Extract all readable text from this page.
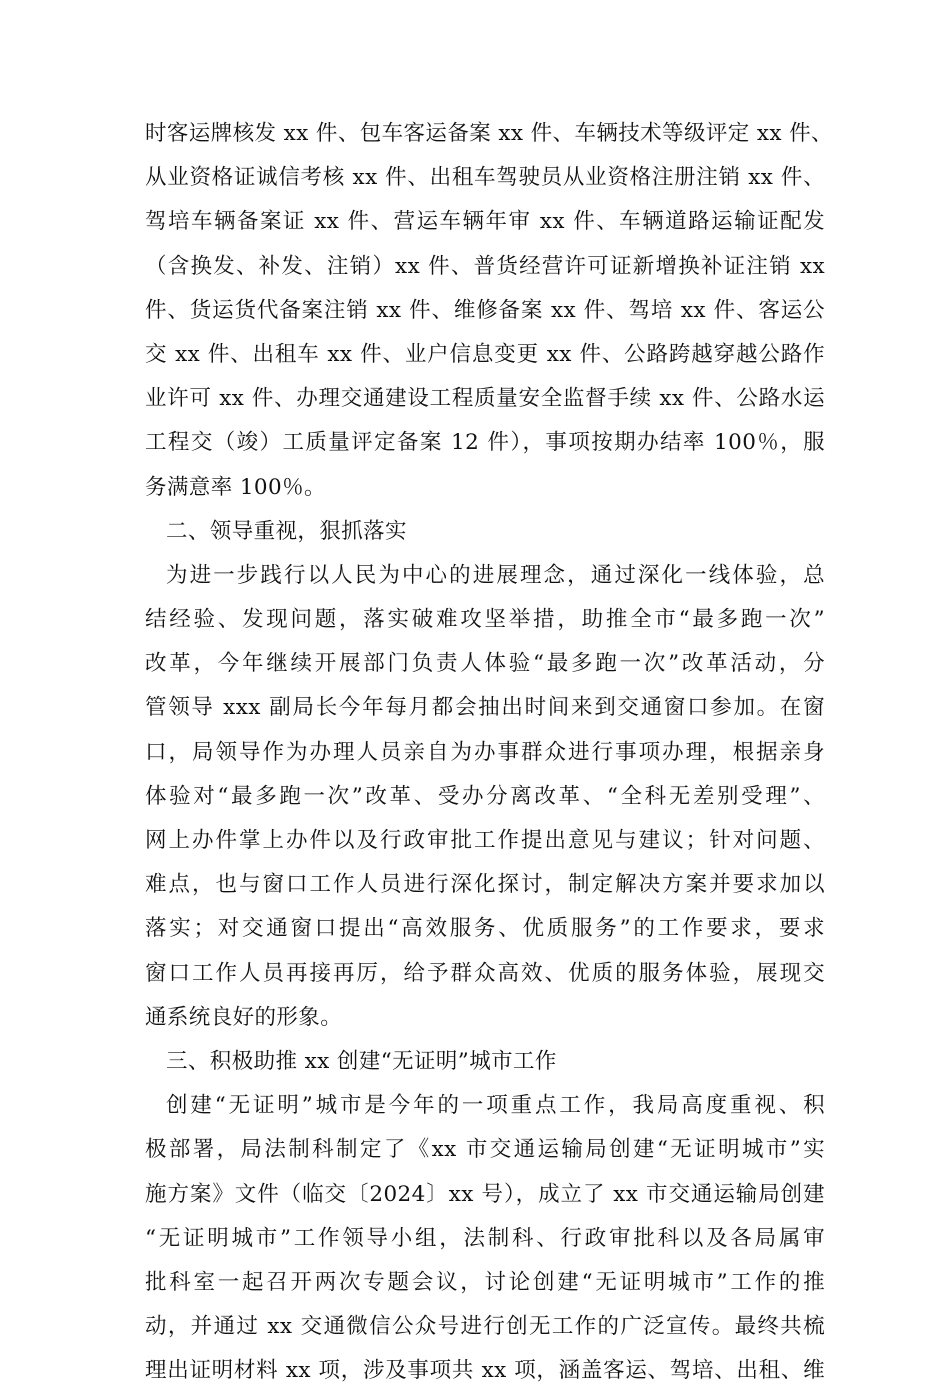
时客运牌核发 xx 件、包车客运备案 xx 件、车辆技术等级评定 xx 件、
从业资格证诚信考核 xx 件、出租车驾驶员从业资格注册注销 xx 件、
驾培车辆备案证 xx 件、营运车辆年审 xx 件、车辆道路运输证配发
（含换发、补发、注销）xx 件、普货经营许可证新增换补证注销 xx
件、货运货代备案注销 xx 件、维修备案 xx 件、驾培 xx 件、客运公
交 xx 件、出租车 xx 件、业户信息变更 xx 件、公路跨越穿越公路作
业许可 xx 件、办理交通建设工程质量安全监督手续 xx 件、公路水运
工程交（竣）工质量评定备案 12 件），事项按期办结率 100％，服
务满意率 100％。
二、领导重视，狠抓落实
为进一步践行以人民为中心的进展理念，通过深化一线体验，总
结经验、发现问题，落实破难攻坚举措，助推全市“最多跑一次”
改革，今年继续开展部门负责人体验“最多跑一次”改革活动，分
管领导 xxx 副局长今年每月都会抽出时间来到交通窗口参加。在窗
口，局领导作为办理人员亲自为办事群众进行事项办理，根据亲身
体验对“最多跑一次”改革、受办分离改革、“全科无差别受理”、
网上办件掌上办件以及行政审批工作提出意见与建议；针对问题、
难点，也与窗口工作人员进行深化探讨，制定解决方案并要求加以
落实；对交通窗口提出“高效服务、优质服务”的工作要求，要求
窗口工作人员再接再厉，给予群众高效、优质的服务体验，展现交
通系统良好的形象。
三、积极助推 xx 创建“无证明”城市工作
创建“无证明”城市是今年的一项重点工作，我局高度重视、积
极部署，局法制科制定了《xx 市交通运输局创建“无证明城市”实
施方案》文件（临交〔2024〕xx 号），成立了 xx 市交通运输局创建
“无证明城市”工作领导小组，法制科、行政审批科以及各局属审
批科室一起召开两次专题会议，讨论创建“无证明城市”工作的推
动，并通过 xx 交通微信公众号进行创无工作的广泛宣传。最终共梳
理出证明材料 xx 项，涉及事项共 xx 项，涵盖客运、驾培、出租、维
